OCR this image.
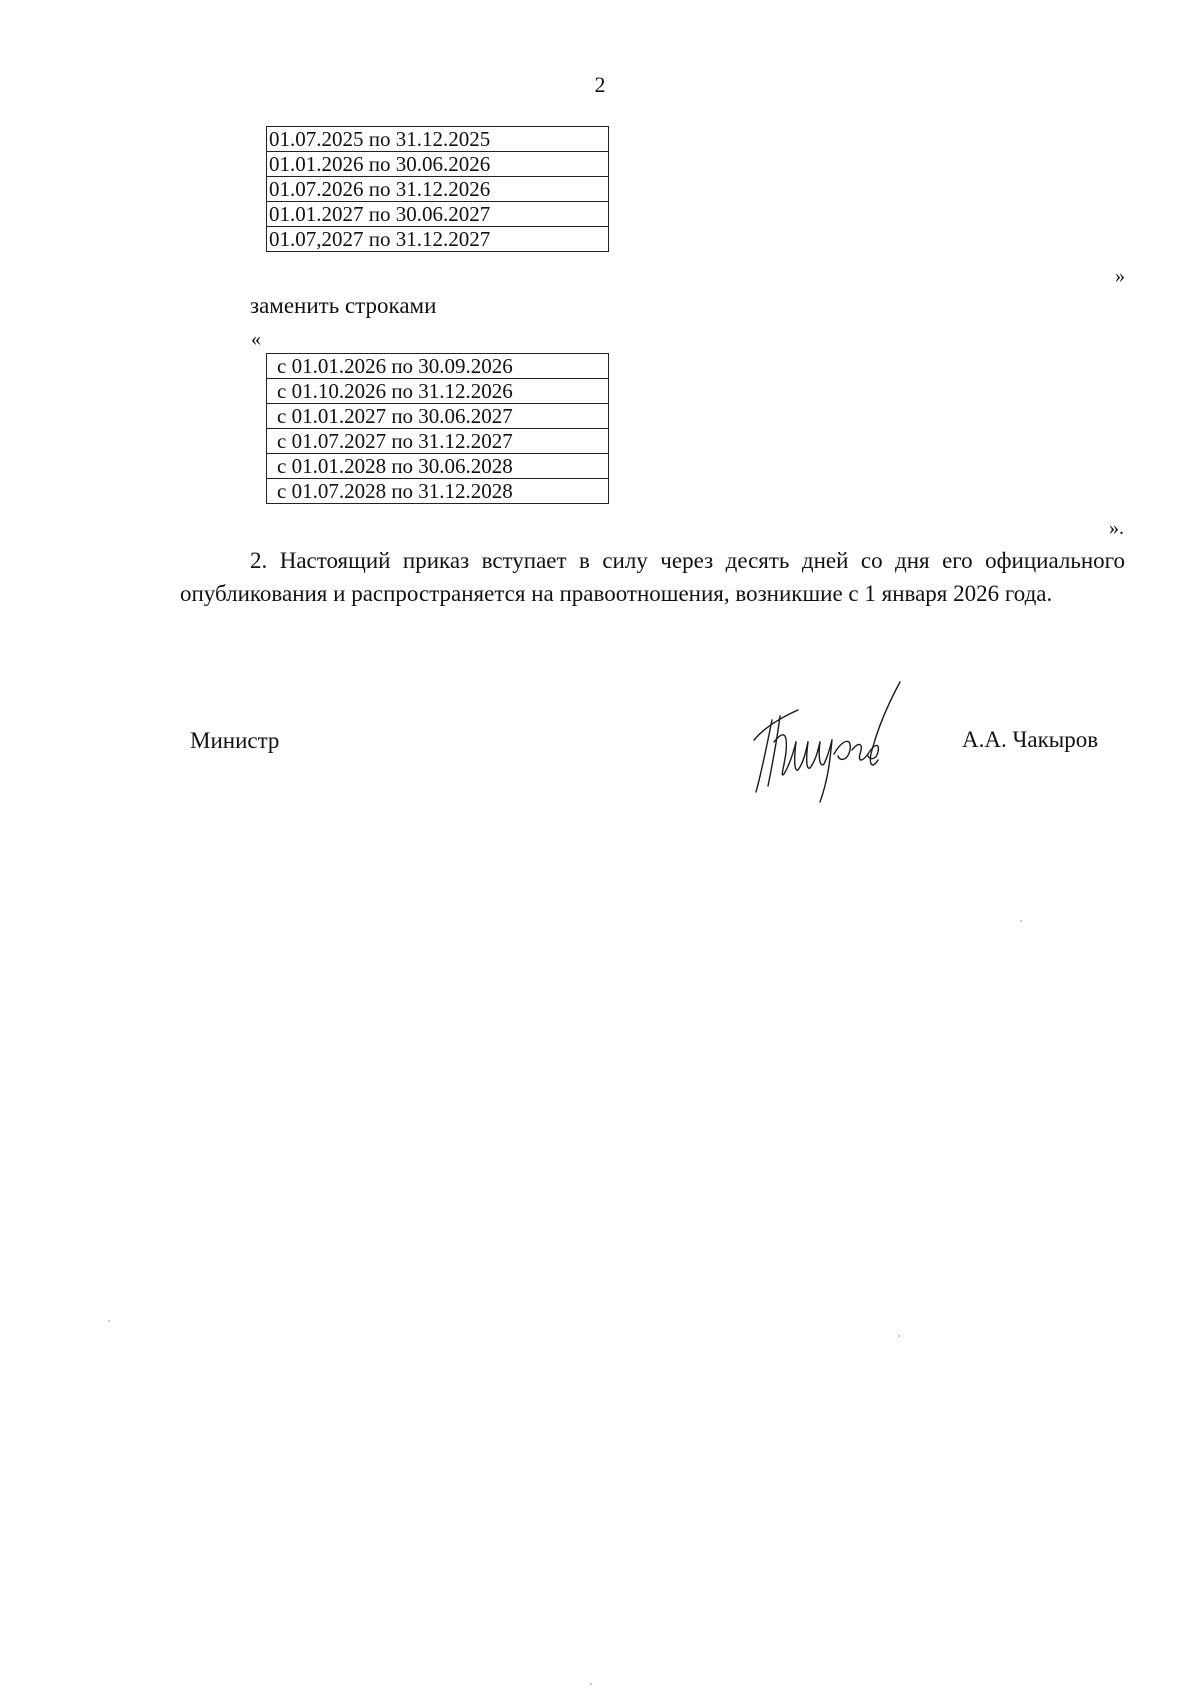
2
01.07.2025 по 31.12.2025
01.01.2026 по 30.06.2026
01.07.2026 по 31.12.2026
01.01.2027 по 30.06.2027
01.07,2027 по 31.12.2027
»
заменить строками
«
с 01.01.2026 по 30.09.2026
с 01.10.2026 по 31.12.2026
с 01.01.2027 по 30.06.2027
с 01.07.2027 по 31.12.2027
с 01.01.2028 по 30.06.2028
с 01.07.2028 по 31.12.2028
».
2. Настоящий приказ вступает в силу через десять дней со дня его официального опубликования и распространяется на правоотношения, возникшие с 1 января 2026 года.
Министр	А.А. Чакыров
